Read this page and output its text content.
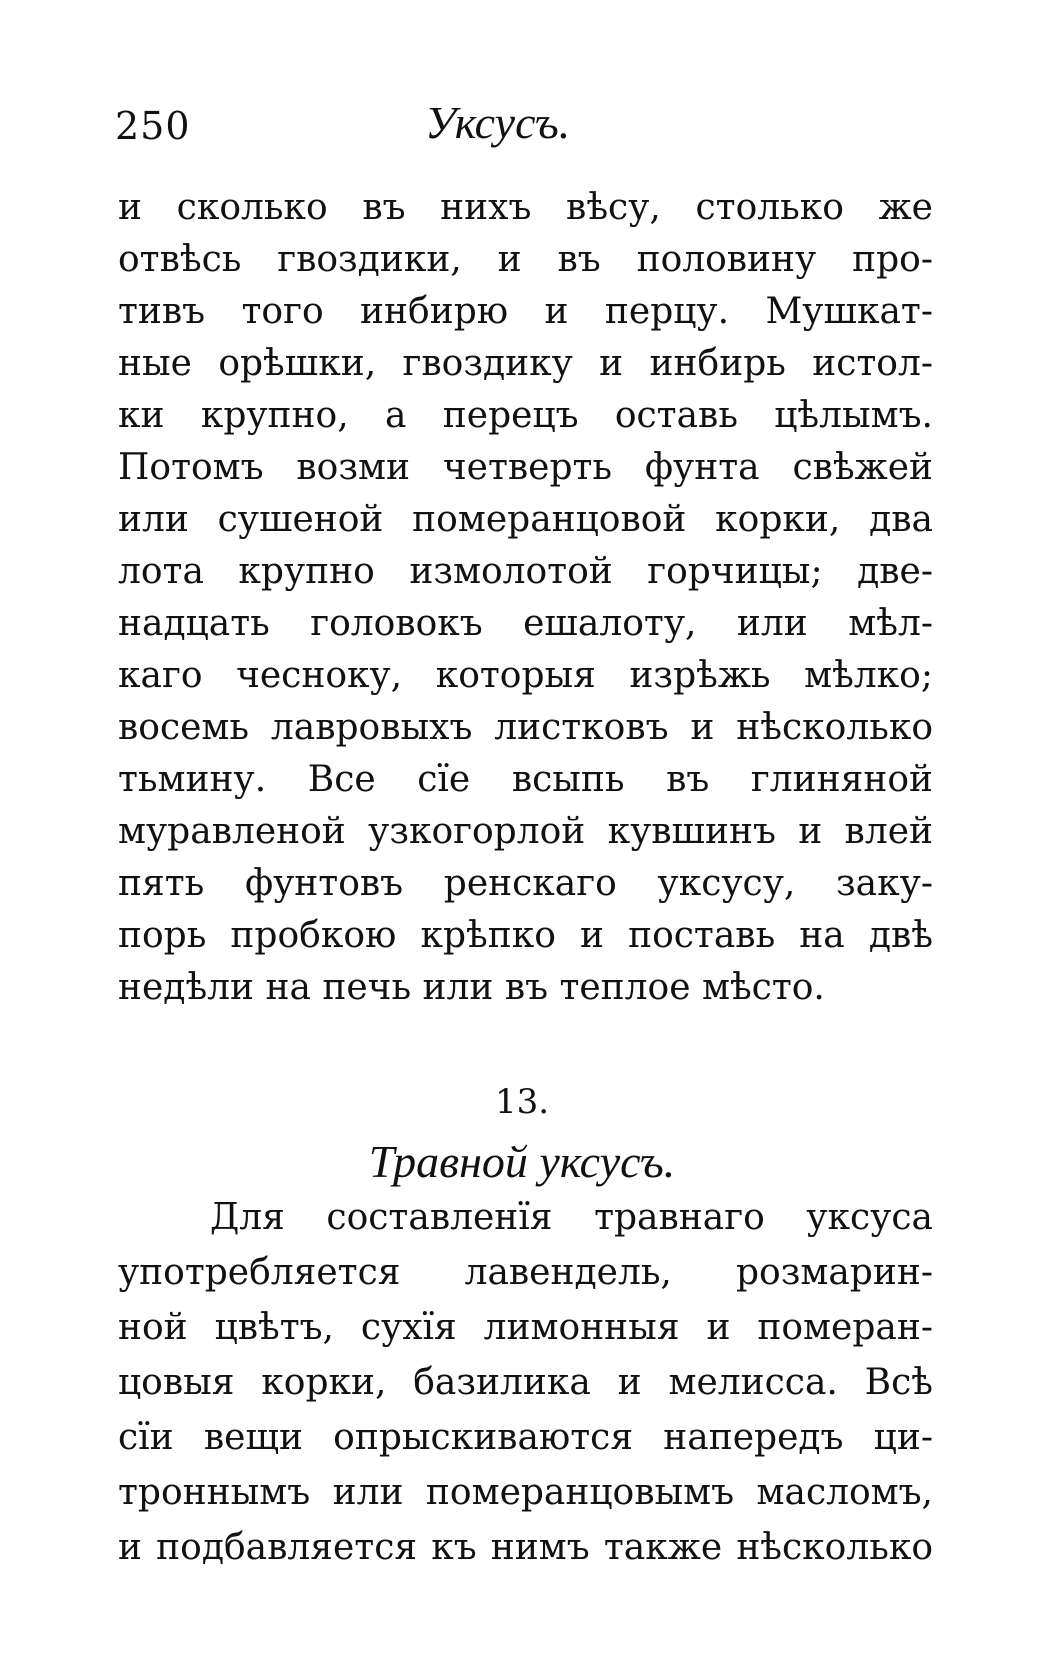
250	Уксусъ.
и сколько въ нихъ вѣсу, столько же
отвѣсь гвоздики, и въ половину про-
тивъ того инбирю и перцу. Мушкат-
ные орѣшки, гвоздику и инбирь истол-
ки крупно, а перецъ оставь цѣлымъ.
Потомъ возми четверть фунта свѣжей
или сушеной померанцовой корки, два
лота крупно измолотой горчицы; две-
надцать головокъ ешалоту, или мѣл-
каго чесноку, которыя изрѣжь мѣлко;
восемь лавровыхъ листковъ и нѣсколько
тьмину. Все сїе всыпь въ глиняной
муравленой узкогорлой кувшинъ и влей
пять фунтовъ ренскаго уксусу, заку-
порь пробкою крѣпко и поставь на двѣ
недѣли на печь или въ теплое мѣсто.
13.
Травной уксусъ.
Для составленїя травнаго уксуса
употребляется лавендель, розмарин-
ной цвѣтъ, сухїя лимонныя и померан-
цовыя корки, базилика и мелисса. Всѣ
сїи вещи опрыскиваются напередъ ци-
троннымъ или померанцовымъ масломъ,
и подбавляется къ нимъ также нѣсколько
